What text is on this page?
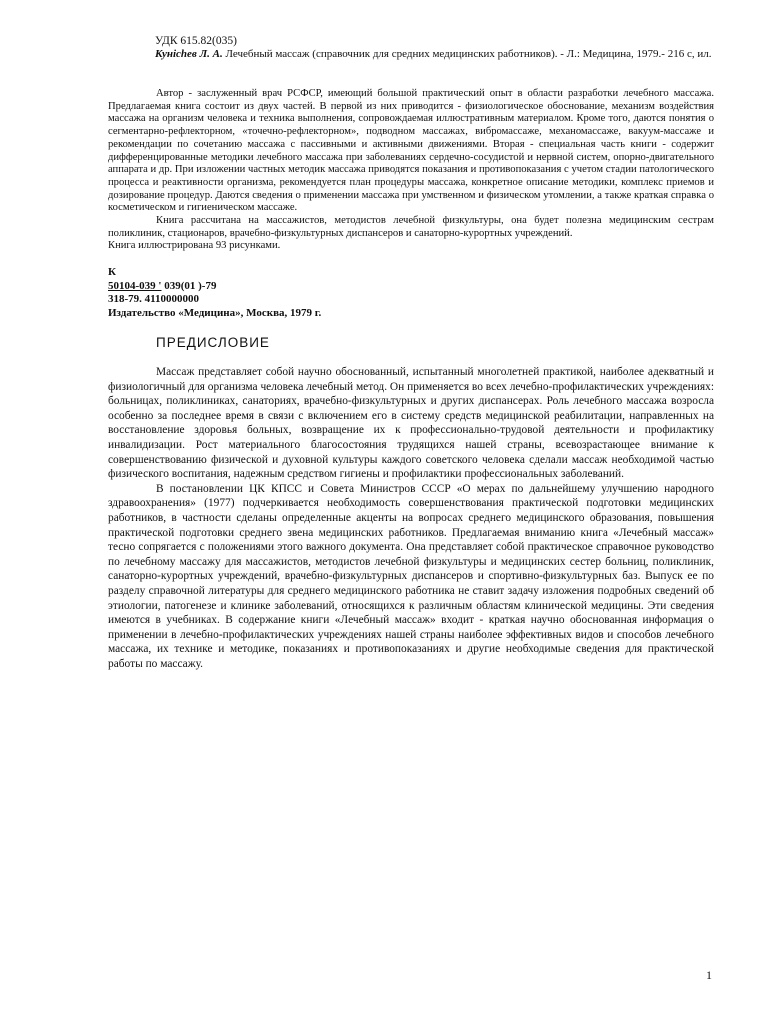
УДК 615.82(035)
Кунichев Л. А. Лечебный массаж (справочник для средних медицинских работников). - Л.: Медицина, 1979.- 216 с, ил.

Автор - заслуженный врач РСФСР, имеющий большой практический опыт в области разработки лечебного массажа. Предлагаемая книга состоит из двух частей. В первой из них приводится - физиологическое обоснование, механизм воздействия массажа на организм человека и техника выполнения, сопровождаемая иллюстративным материалом. Кроме того, даются понятия о сегментарно-рефлекторном, «точечно-рефлекторном», подводном массажах, вибромассаже, механомассаже, вакуум-массаже и рекомендации по сочетанию массажа с пассивными и активными движениями. Вторая - специальная часть книги - содержит дифференцированные методики лечебного массажа при заболеваниях сердечно-сосудистой и нервной систем, опорно-двигательного аппарата и др. При изложении частных методик массажа приводятся показания и противопоказания с учетом стадии патологического процесса и реактивности организма, рекомендуется план процедуры массажа, конкретное описание методики, комплекс приемов и дозирование процедур. Даются сведения о применении массажа при умственном и физическом утомлении, а также краткая справка о косметическом и гигиеническом массаже.

Книга рассчитана на массажистов, методистов лечебной физкультуры, она будет полезна медицинским сестрам поликлиник, стационаров, врачебно-физкультурных диспансеров и санаторно-курортных учреждений.

Книга иллюстрирована 93 рисунками.

К
50104-039 ' 039(01 )-79
318-79. 4110000000
Издательство «Медицина», Москва, 1979 г.
ПРЕДИСЛОВИЕ

Массаж представляет собой научно обоснованный, испытанный многолетней практикой, наиболее адекватный и физиологичный для организма человека лечебный метод. Он применяется во всех лечебно-профилактических учреждениях: больницах, поликлиниках, санаториях, врачебно-физкультурных и других диспансерах. Роль лечебного массажа возросла особенно за последнее время в связи с включением его в систему средств медицинской реабилитации, направленных на восстановление здоровья больных, возвращение их к профессионально-трудовой деятельности и профилактику инвалидизации. Рост материального благосостояния трудящихся нашей страны, всевозрастающее внимание к совершенствованию физической и духовной культуры каждого советского человека сделали массаж необходимой частью физического воспитания, надежным средством гигиены и профилактики профессиональных заболеваний.

В постановлении ЦК КПСС и Совета Министров СССР «О мерах по дальнейшему улучшению народного здравоохранения» (1977) подчеркивается необходимость совершенствования практической подготовки медицинских работников, в частности сделаны определенные акценты на вопросах среднего медицинского образования, повышения практической подготовки среднего звена медицинских работников. Предлагаемая вниманию книга «Лечебный массаж» тесно сопрягается с положениями этого важного документа. Она представляет собой практическое справочное руководство по лечебному массажу для массажистов, методистов лечебной физкультуры и медицинских сестер больниц, поликлиник, санаторно-курортных учреждений, врачебно-физкультурных диспансеров и спортивно-физкультурных баз. Выпуск ее по разделу справочной литературы для среднего медицинского работника не ставит задачу изложения подробных сведений об этиологии, патогенезе и клинике заболеваний, относящихся к различным областям клинической медицины. Эти сведения имеются в учебниках. В содержание книги «Лечебный массаж» входит - краткая научно обоснованная информация о применении в лечебно-профилактических учреждениях нашей страны наиболее эффективных видов и способов лечебного массажа, их технике и методике, показаниях и противопоказаниях и другие необходимые сведения для практической работы по массажу.

1
